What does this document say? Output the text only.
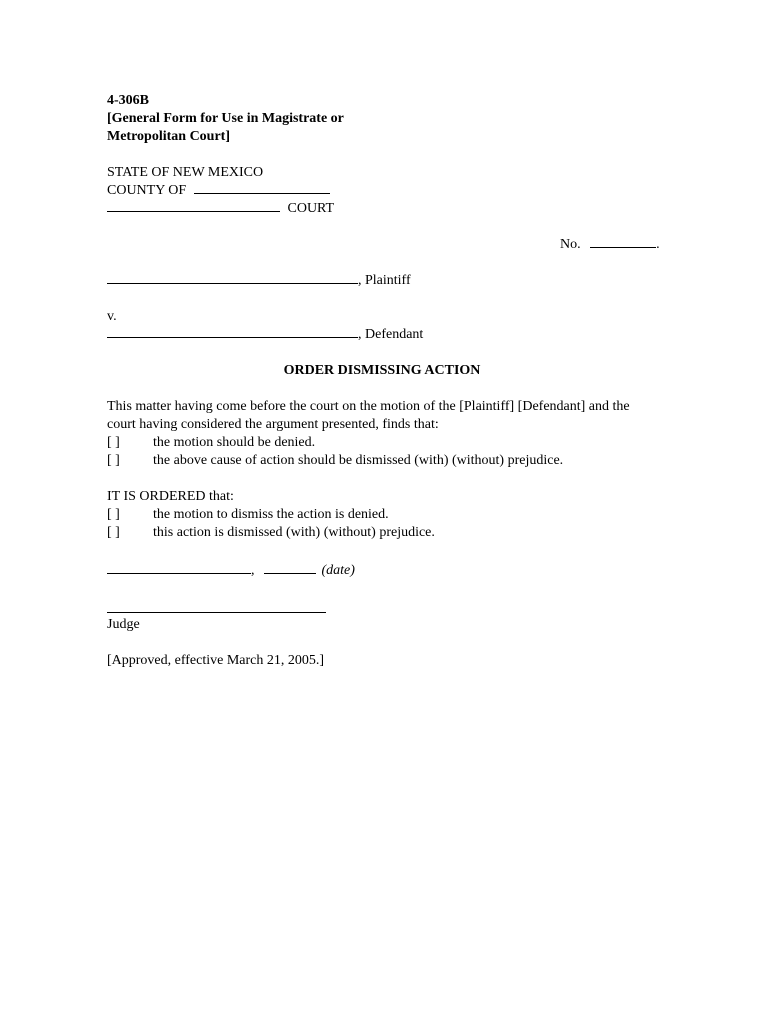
4-306B
[General Form for Use in Magistrate or
Metropolitan Court]
STATE OF NEW MEXICO
COUNTY OF
COURT
No.	.
, Plaintiff
v.
, Defendant
ORDER DISMISSING ACTION
This matter having come before the court on the motion of the [Plaintiff] [Defendant] and the
court having considered the argument presented, finds that:
[ ] the motion should be denied.
[ ] the above cause of action should be dismissed (with) (without) prejudice.
IT IS ORDERED that:
[ ] the motion to dismiss the action is denied.
[ ] this action is dismissed (with) (without) prejudice.
,	(date)
Judge
[Approved, effective March 21, 2005.]
